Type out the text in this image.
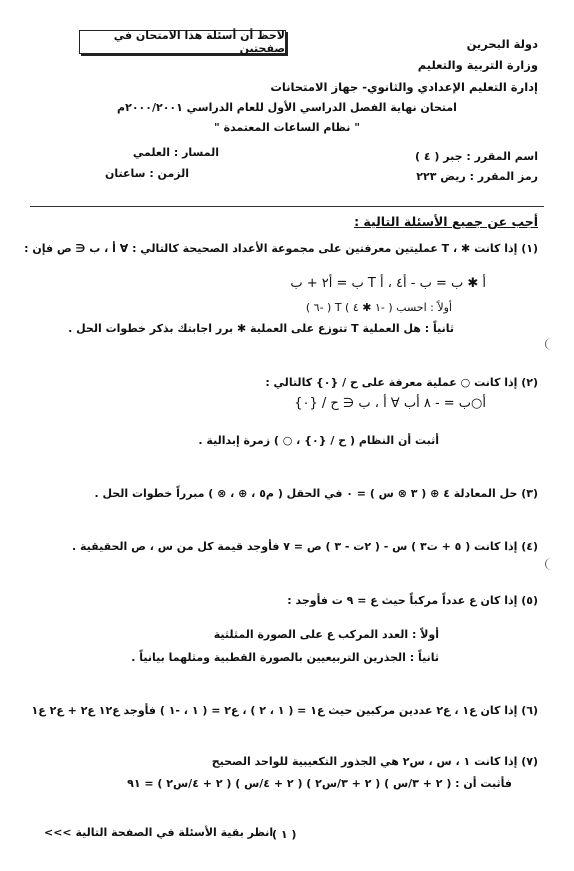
لاحظ أن أسئلة هذا الامتحان في صفحتين	دولة البحرين
وزارة التربية والتعليم
إدارة التعليم الإعدادي والثانوي- جهاز الامتحانات
امتحان نهاية الفصل الدراسي الأول للعام الدراسي ٢٠٠٠/٢٠٠١م
" نظام الساعات المعتمدة "
اسم المقرر : جبر ( ٤ )
رمز المقرر : ريض ٢٢٣
المسار : العلمي
الزمن : ساعتان
أجب عن جميع الأسئلة التالية :
(١) إذا كانت ✱ ، T عمليتين معرفتين على مجموعة الأعداد الصحيحة كالتالي : ∀ أ ، ب ∈ ص فإن :
أ ✱ ب = ب - أ٤ ، أ T ب = أ٢ + ب
أولاً : احسب ( -١ ✱ ٤ ) T ( -٦ )
ثانياً : هل العملية T تتوزع على العملية ✱ برر اجابتك بذكر خطوات الحل .
(٢) إذا كانت ○ عملية معرفة على ح / {٠} كالتالي :
أ○ب = - ٨ أب ∀ أ ، ب ∈ ح / {٠}
أثبت أن النظام ( ح / {٠} ، ○ ) زمرة إبدالية .
(٣) حل المعادلة ٤ ⊕ ( ٣ ⊗ س ) = ٠ في الحقل ( م٥ ، ⊕ ، ⊗ ) مبرراً خطوات الحل .
(٤) إذا كانت ( ٥ + ت٣ ) س - ( ٢ت - ٣ ) ص = ٧ فأوجد قيمة كل من س ، ص الحقيقية .
(٥) إذا كان ع عدداً مركباً حيث ع = ٩ ت فأوجد :
أولاً : العدد المركب ع على الصورة المثلثية
ثانياً : الجذرين التربيعيين بالصورة القطبية ومثلهما بيانياً .
(٦) إذا كان ع١ ، ع٢ عددين مركبين حيث ع١ = ( ١ ، ٢ ) ، ع٢ = ( ١ ، -١ ) فأوجد ع١٢ ع٢ + ع٢ ع١
(٧) إذا كانت ١ ، س ، س٢ هي الجذور التكعيبية للواحد الصحيح
فأثبت أن : ( ٢ + ٣/س ) ( ٢ + ٣/س٢ ) ( ٢ + ٤/س ) ( ٢ + ٤/س٢ ) = ٩١
( ١ )
انظر بقية الأسئلة في الصفحة التالية >>>
